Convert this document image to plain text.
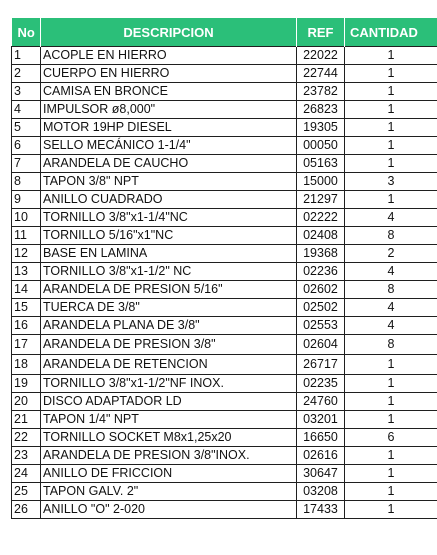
No	DESCRIPCION	REF	CANTIDAD
1	ACOPLE EN HIERRO	22022	1
2	CUERPO EN HIERRO	22744	1
3	CAMISA EN BRONCE	23782	1
4	IMPULSOR ø8,000"	26823	1
5	MOTOR 19HP DIESEL	19305	1
6	SELLO MECÁNICO 1-1/4"	00050	1
7	ARANDELA DE CAUCHO	05163	1
8	TAPON 3/8" NPT	15000	3
9	ANILLO CUADRADO	21297	1
10	TORNILLO 3/8"x1-1/4"NC	02222	4
11	TORNILLO 5/16"x1"NC	02408	8
12	BASE EN LAMINA	19368	2
13	TORNILLO 3/8"x1-1/2" NC	02236	4
14	ARANDELA DE PRESION 5/16"	02602	8
15	TUERCA DE 3/8"	02502	4
16	ARANDELA PLANA DE 3/8"	02553	4
17	ARANDELA DE PRESION 3/8"	02604	8
18	ARANDELA DE RETENCION	26717	1
19	TORNILLO 3/8"x1-1/2"NF INOX.	02235	1
20	DISCO ADAPTADOR LD	24760	1
21	TAPON 1/4" NPT	03201	1
22	TORNILLO SOCKET M8x1,25x20	16650	6
23	ARANDELA DE PRESION 3/8"INOX.	02616	1
24	ANILLO DE FRICCION	30647	1
25	TAPON GALV. 2"	03208	1
26	ANILLO "O" 2-020	17433	1
